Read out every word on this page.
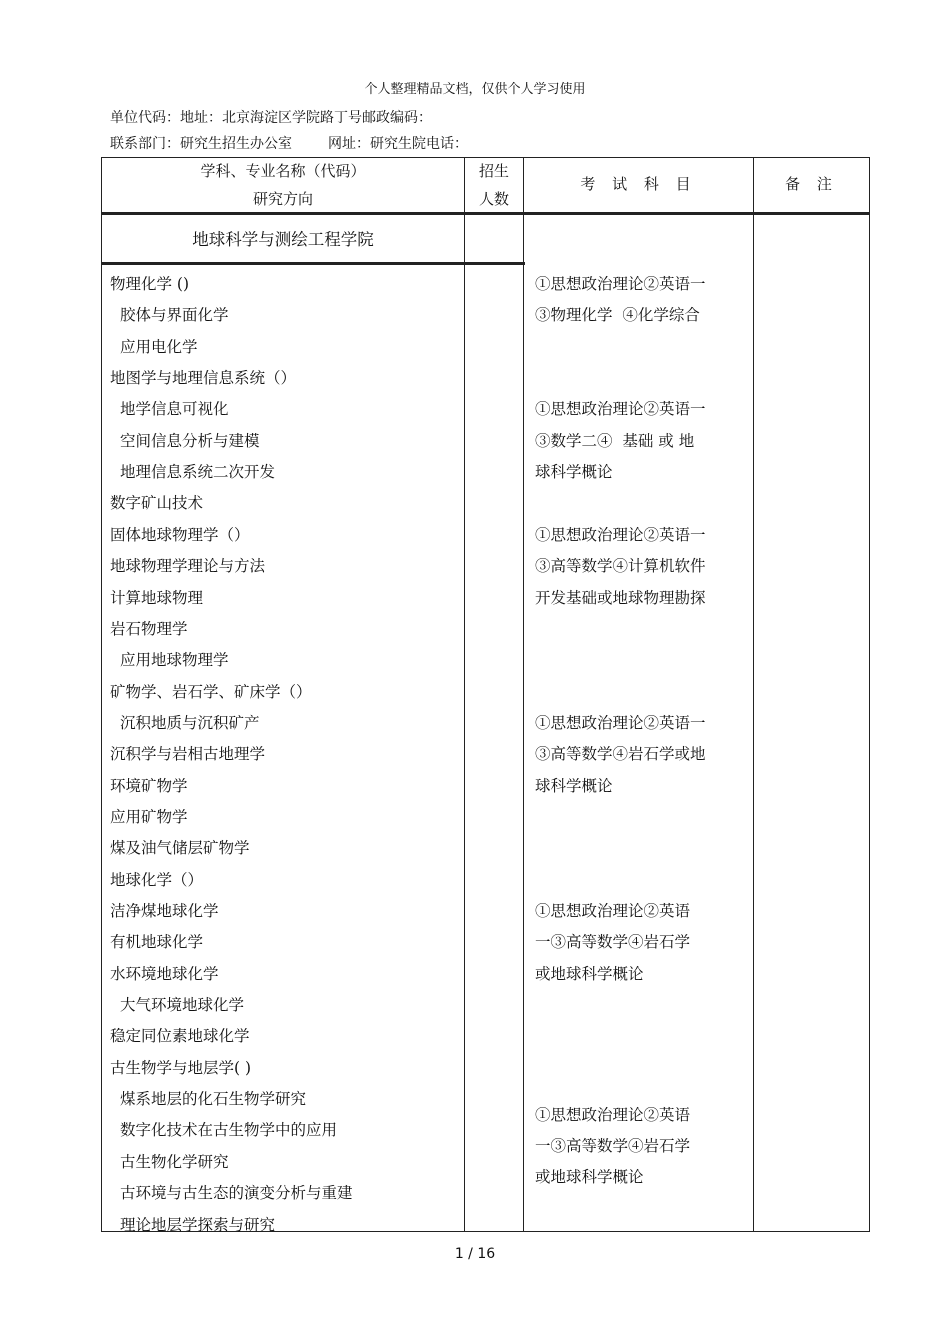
个人整理精品文档，仅供个人学习使用
单位代码：地址：北京海淀区学院路丁号邮政编码：
联系部门：研究生招生办公室	网址：研究生院电话：
学科、专业名称（代码）
研究方向
招生
人数
考 试 科 目	备 注
地球科学与测绘工程学院
物理化学 ()
胶体与界面化学
应用电化学
地图学与地理信息系统（）
地学信息可视化
空间信息分析与建模
地理信息系统二次开发
数字矿山技术
固体地球物理学（）
地球物理学理论与方法
计算地球物理
岩石物理学
应用地球物理学
矿物学、岩石学、矿床学（）
沉积地质与沉积矿产
沉积学与岩相古地理学
环境矿物学
应用矿物学
煤及油气储层矿物学
地球化学（）
洁净煤地球化学
有机地球化学
水环境地球化学
大气环境地球化学
稳定同位素地球化学
古生物学与地层学( )
煤系地层的化石生物学研究
数字化技术在古生物学中的应用
古生物化学研究
古环境与古生态的演变分析与重建
理论地层学探索与研究
①思想政治理论②英语一
③物理化学  ④化学综合
①思想政治理论②英语一
③数学二④  基础 或 地
球科学概论
①思想政治理论②英语一
③高等数学④计算机软件
开发基础或地球物理勘探
①思想政治理论②英语一
③高等数学④岩石学或地
球科学概论
①思想政治理论②英语
一③高等数学④岩石学
或地球科学概论
①思想政治理论②英语
一③高等数学④岩石学
或地球科学概论
1 / 16
